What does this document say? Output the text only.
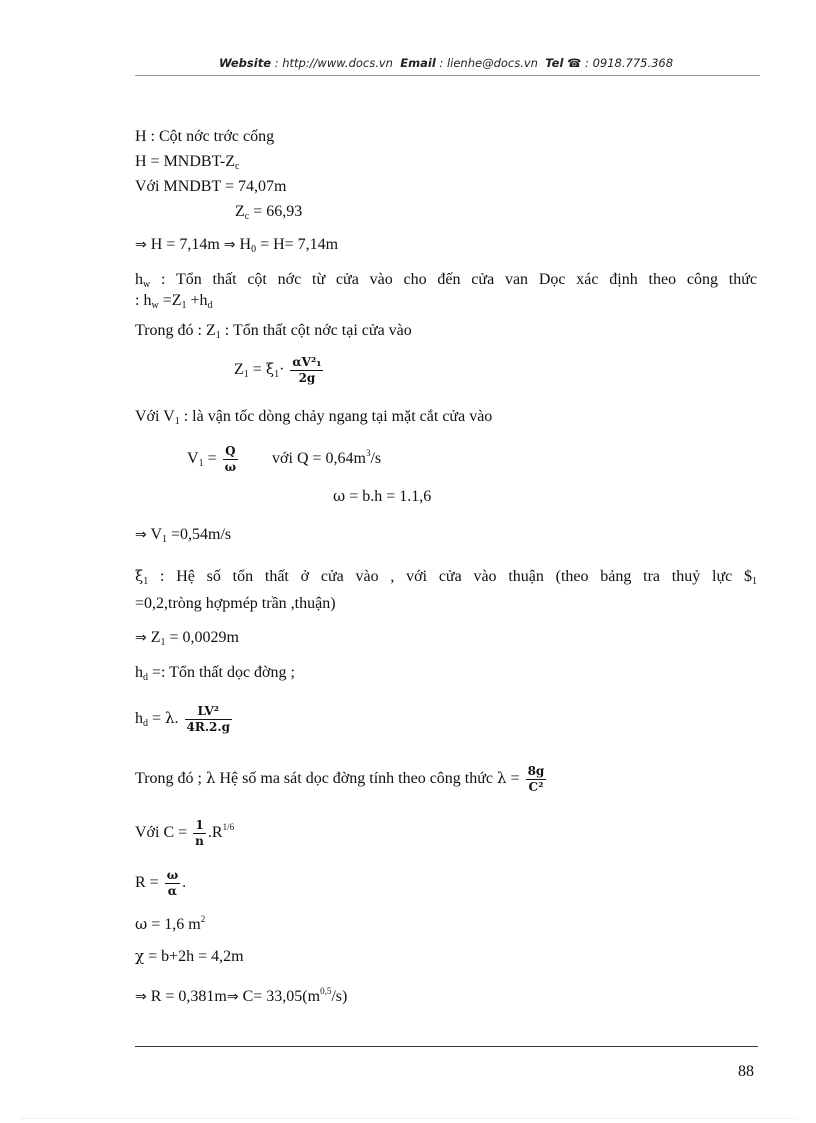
Website : http://www.docs.vn Email : lienhe@docs.vn Tel ☎ : 0918.775.368
H : Cột nớc trớc cống
H = MNDBT-$Z_c$
Với MNDBT = 74,07m
$Z_c = 66,93$
⇒ H = 7,14m ⇒ $H_0 = H= 7,14m$
$h_w$ : Tổn thất cột nớc từ cửa vào cho đến cửa van Dọc xác định theo công thức
: $h_w =Z_1 +h_d$
Trong đó : $Z_1$ : Tổn thất cột nớc tại cửa vào
$Z_1 = \xi_1\cdot \frac{\text{αV²₁}}{2g}$
Với $V_1$ : là vận tốc dòng chảy ngang tại mặt cắt cửa vào
$V_1 = \frac{Q}{\omega}$ với $Q = 0,64m^3/s$
ω = b.h = 1.1,6
⇒ $V_1 =0,54m/s$
$\xi_1$ : Hệ số tổn thất ở cửa vào , với cửa vào thuận (theo bảng tra thuỷ lực $\$_1$
=0,2,tròng hợpmép trần ,thuận)
⇒ $Z_1 = 0,0029m$
$h_d$ =: Tổn thất dọc đờng ;
$h_d = \lambda$. $\frac{\text{LV²}}{4R.2.g}$
Trong đó ; λ Hệ số ma sát dọc đờng tính theo công thức $\lambda = \frac{8g}{\text{C²}}$
Với $C = \frac{1}{n} .R^{1/6}$
$R = \frac{\omega}{\alpha}$ .
ω = 1,6 $m^2$
χ = b+2h = 4,2m
⇒ R = 0,381m⇒ $C= 33,05(m^{0,5}/s)$
88
